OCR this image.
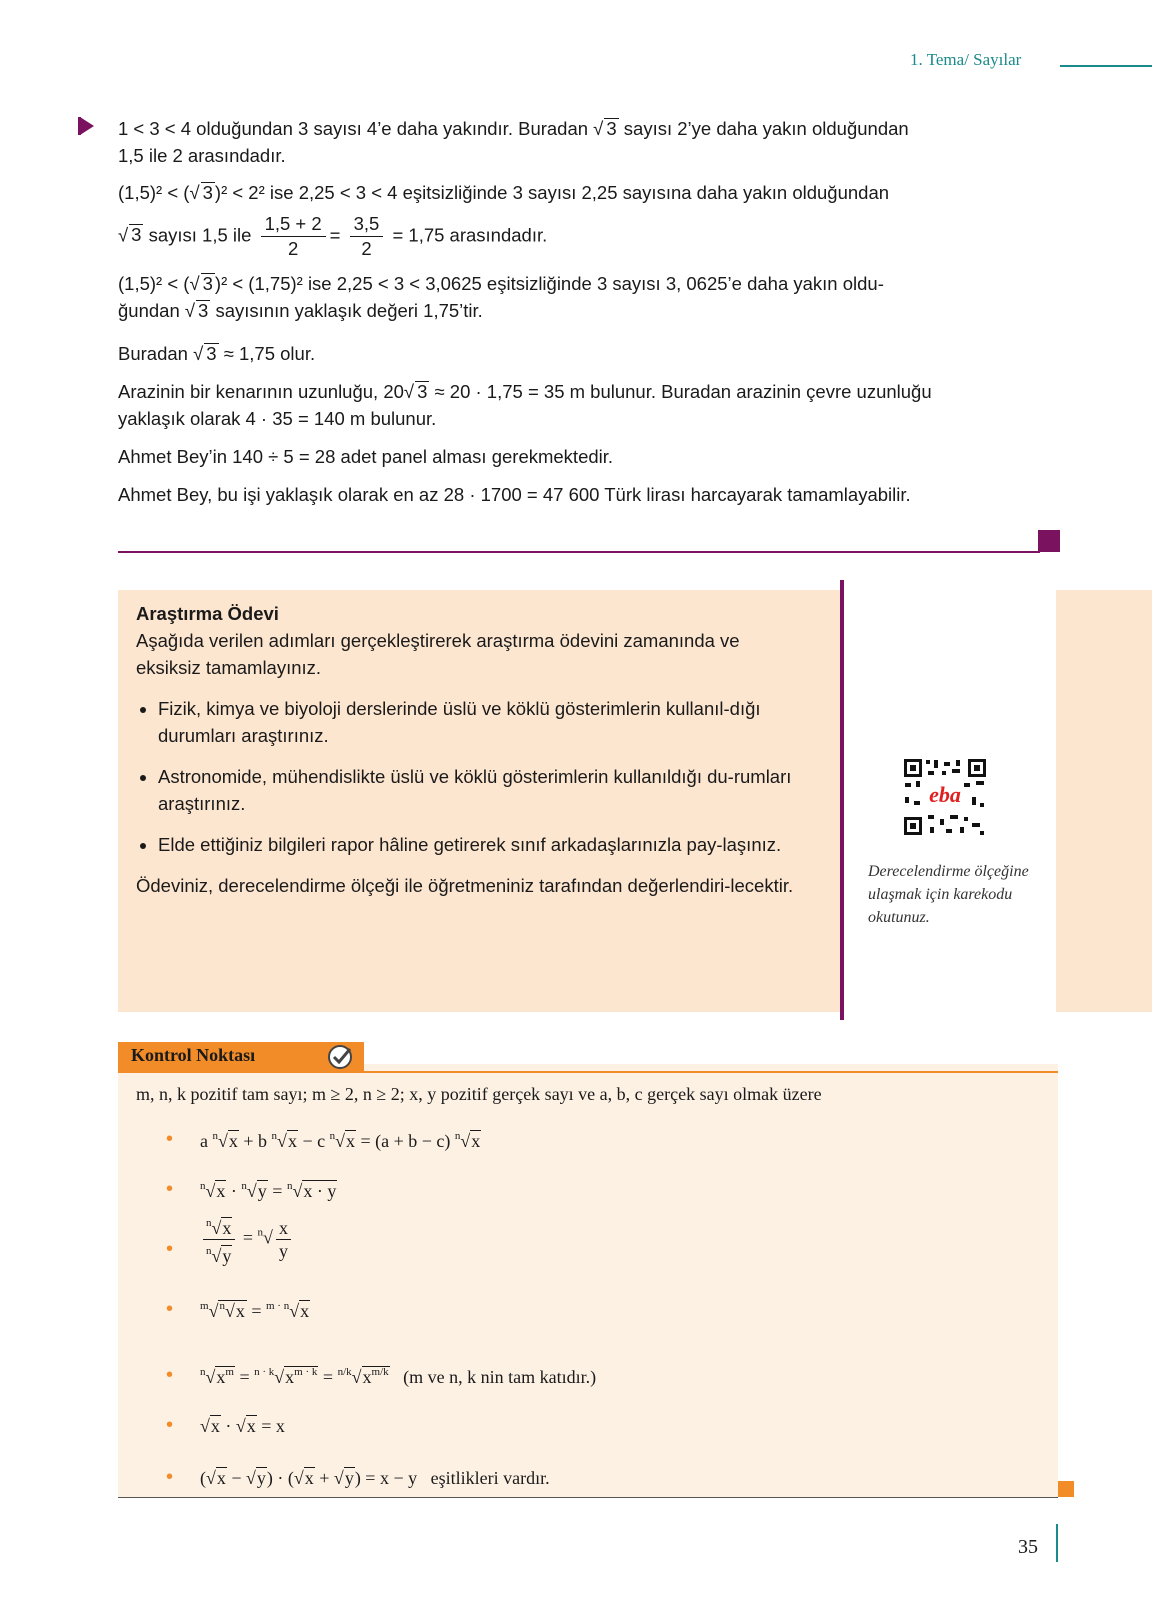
1. Tema/ Sayılar
1 < 3 < 4 olduğundan 3 sayısı 4’e daha yakındır. Buradan √ 3 sayısı 2’ye daha yakın olduğundan
1,5 ile 2 arasındadır.
(1,5)² < (√ 3 )² < 2² ise 2,25 < 3 < 4 eşitsizliğinde 3 sayısı 2,25 sayısına daha yakın olduğundan
√ 3 sayısı 1,5 ile $\frac{1,5 + 2}{2} = \frac{3,5}{2} = 1,75$ arasındadır.
(1,5)² < (√ 3 )² < (1,75)² ise 2,25 < 3 < 3,0625 eşitsizliğinde 3 sayısı 3, 0625’e daha yakın oldu-
ğundan √ 3 sayısının yaklaşık değeri 1,75’tir.
Buradan √ 3 ≈ 1,75 olur.
Arazinin bir kenarının uzunluğu, 20√ 3 ≈ 20 · 1,75 = 35 m bulunur. Buradan arazinin çevre uzunluğu
yaklaşık olarak 4 · 35 = 140 m bulunur.
Ahmet Bey’in 140 ÷ 5 = 28 adet panel alması gerekmektedir.
Ahmet Bey, bu işi yaklaşık olarak en az 28 · 1700 = 47 600 Türk lirası harcayarak tamamlayabilir.
Araştırma Ödevi
Aşağıda verilen adımları gerçekleştirerek araştırma ödevini zamanında ve eksiksiz tamamlayınız.
• Fizik, kimya ve biyoloji derslerinde üslü ve köklü gösterimlerin kullanıl-dığı durumları araştırınız.
• Astronomide, mühendislikte üslü ve köklü gösterimlerin kullanıldığı du-rumları araştırınız.
• Elde ettiğiniz bilgileri rapor hâline getirerek sınıf arkadaşlarınızla pay-laşınız.
Ödeviniz, derecelendirme ölçeği ile öğretmeniniz tarafından değerlendiri-lecektir.
eba
Derecelendirme ölçeğine ulaşmak için karekodu okutunuz.
Kontrol Noktası
m, n, k pozitif tam sayı; m ≥ 2, n ≥ 2; x, y pozitif gerçek sayı ve a, b, c gerçek sayı olmak üzere
• a $^n$√x + b $^n$√x − c $^n$√x = (a + b − c) $^n$√x
• $^n$√x · $^n$√y = $^n$√x · y
•	$\frac{^n√x}{^n√y} = ^n√ \frac{x}{y}$
• $^m$√$^n$√x = $^{m \cdot n}$√x
• $^n√x^m = ^{n \cdot k}√x^{m \cdot k} = ^{n/k}√x^{m/k}$ (m ve n, k nin tam katıdır.)
• √x · √x = x
• (√x − √y) · (√x + √y) = x − y   eşitlikleri vardır.
35
